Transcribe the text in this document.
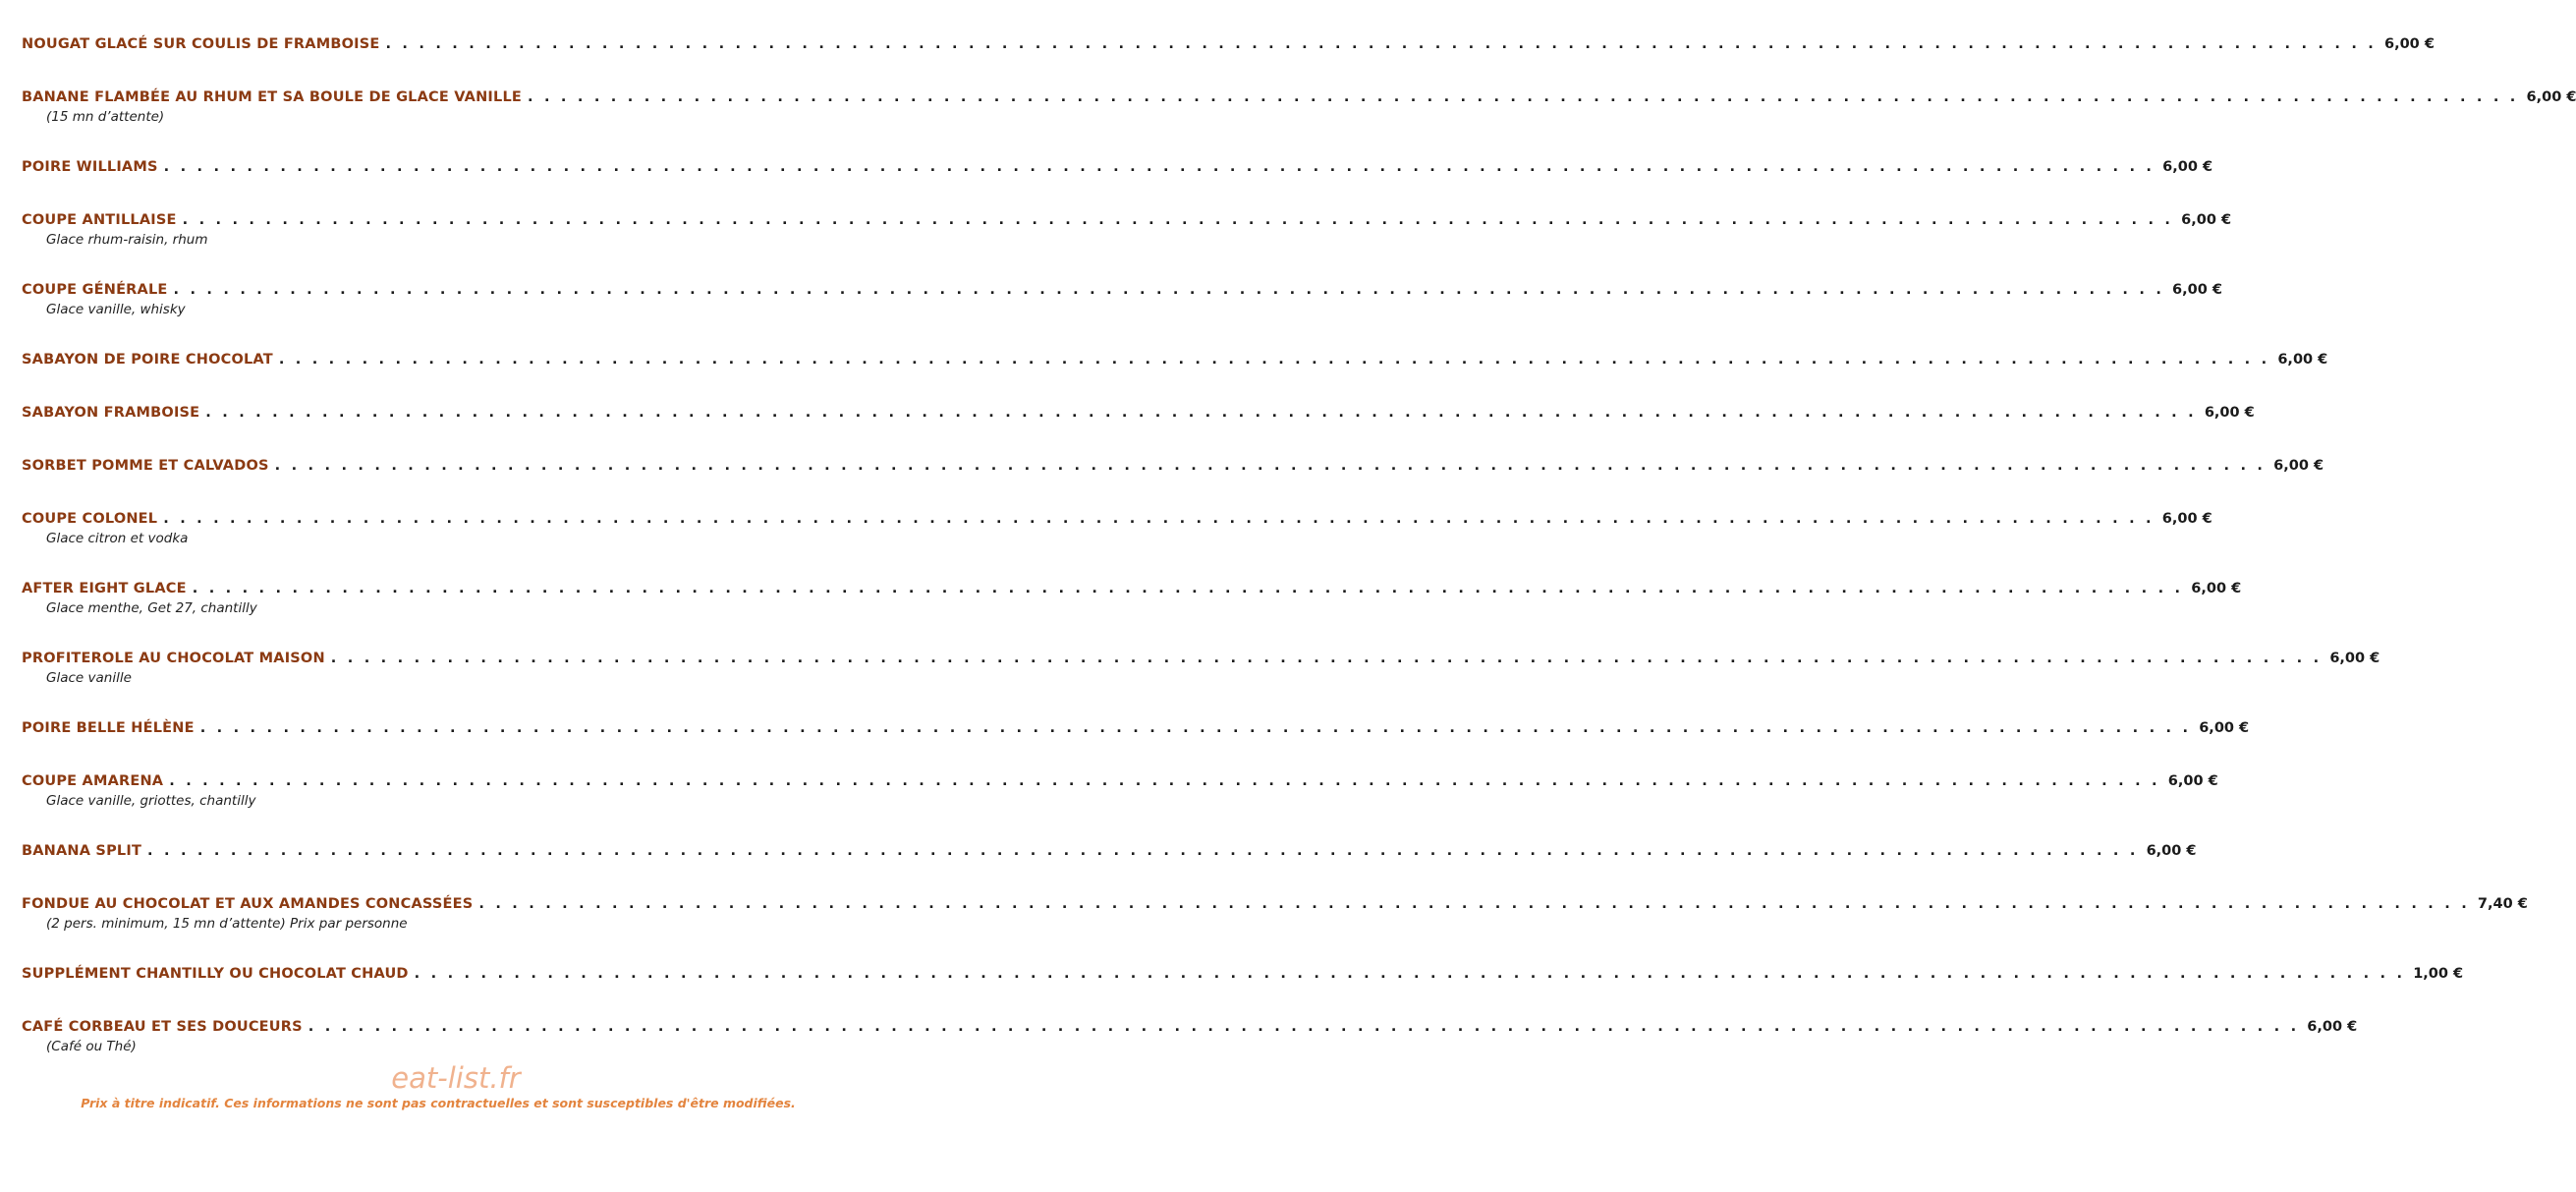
NOUGAT GLACÉ SUR COULIS DE FRAMBOISE . . . . . . . . . . . . . . . . . . . . . . . . . . . . . . . . . . . . . . . . . . . . . . . . . . . . . . . . . . . . . . . . . . . . . . . . . . . . . . . . . . . . . . . . . . . . . . . . . . . . . . . . . . . . . . . . . . . . . . . . 6,00 €
BANANE FLAMBÉE AU RHUM ET SA BOULE DE GLACE VANILLE . . . . . . . . . . . . . . . . . . . . . . . . . . . . . . . . . . . . . . . . . . . . . . . . . . . . . . . . . . . . . . . . . . . . . . . . . . . . . . . . . . . . . . . . . . . . . . . . . . . . . . . . . . . . . . . . . . . . . . . . 6,00 €
(15 mn d’attente)
POIRE WILLIAMS . . . . . . . . . . . . . . . . . . . . . . . . . . . . . . . . . . . . . . . . . . . . . . . . . . . . . . . . . . . . . . . . . . . . . . . . . . . . . . . . . . . . . . . . . . . . . . . . . . . . . . . . . . . . . . . . . . . . . . . . 6,00 €
COUPE ANTILLAISE . . . . . . . . . . . . . . . . . . . . . . . . . . . . . . . . . . . . . . . . . . . . . . . . . . . . . . . . . . . . . . . . . . . . . . . . . . . . . . . . . . . . . . . . . . . . . . . . . . . . . . . . . . . . . . . . . . . . . . . . 6,00 €
Glace rhum-raisin, rhum
COUPE GÉNÉRALE . . . . . . . . . . . . . . . . . . . . . . . . . . . . . . . . . . . . . . . . . . . . . . . . . . . . . . . . . . . . . . . . . . . . . . . . . . . . . . . . . . . . . . . . . . . . . . . . . . . . . . . . . . . . . . . . . . . . . . . . 6,00 €
Glace vanille, whisky
SABAYON DE POIRE CHOCOLAT . . . . . . . . . . . . . . . . . . . . . . . . . . . . . . . . . . . . . . . . . . . . . . . . . . . . . . . . . . . . . . . . . . . . . . . . . . . . . . . . . . . . . . . . . . . . . . . . . . . . . . . . . . . . . . . . . . . . . . . . 6,00 €
SABAYON FRAMBOISE . . . . . . . . . . . . . . . . . . . . . . . . . . . . . . . . . . . . . . . . . . . . . . . . . . . . . . . . . . . . . . . . . . . . . . . . . . . . . . . . . . . . . . . . . . . . . . . . . . . . . . . . . . . . . . . . . . . . . . . . 6,00 €
SORBET POMME ET CALVADOS . . . . . . . . . . . . . . . . . . . . . . . . . . . . . . . . . . . . . . . . . . . . . . . . . . . . . . . . . . . . . . . . . . . . . . . . . . . . . . . . . . . . . . . . . . . . . . . . . . . . . . . . . . . . . . . . . . . . . . . . 6,00 €
COUPE COLONEL . . . . . . . . . . . . . . . . . . . . . . . . . . . . . . . . . . . . . . . . . . . . . . . . . . . . . . . . . . . . . . . . . . . . . . . . . . . . . . . . . . . . . . . . . . . . . . . . . . . . . . . . . . . . . . . . . . . . . . . . 6,00 €
Glace citron et vodka
AFTER EIGHT GLACE . . . . . . . . . . . . . . . . . . . . . . . . . . . . . . . . . . . . . . . . . . . . . . . . . . . . . . . . . . . . . . . . . . . . . . . . . . . . . . . . . . . . . . . . . . . . . . . . . . . . . . . . . . . . . . . . . . . . . . . . 6,00 €
Glace menthe, Get 27, chantilly
PROFITEROLE AU CHOCOLAT MAISON . . . . . . . . . . . . . . . . . . . . . . . . . . . . . . . . . . . . . . . . . . . . . . . . . . . . . . . . . . . . . . . . . . . . . . . . . . . . . . . . . . . . . . . . . . . . . . . . . . . . . . . . . . . . . . . . . . . . . . . . 6,00 €
Glace vanille
POIRE BELLE HÉLÈNE . . . . . . . . . . . . . . . . . . . . . . . . . . . . . . . . . . . . . . . . . . . . . . . . . . . . . . . . . . . . . . . . . . . . . . . . . . . . . . . . . . . . . . . . . . . . . . . . . . . . . . . . . . . . . . . . . . . . . . . . 6,00 €
COUPE AMARENA . . . . . . . . . . . . . . . . . . . . . . . . . . . . . . . . . . . . . . . . . . . . . . . . . . . . . . . . . . . . . . . . . . . . . . . . . . . . . . . . . . . . . . . . . . . . . . . . . . . . . . . . . . . . . . . . . . . . . . . . 6,00 €
Glace vanille, griottes, chantilly
BANANA SPLIT . . . . . . . . . . . . . . . . . . . . . . . . . . . . . . . . . . . . . . . . . . . . . . . . . . . . . . . . . . . . . . . . . . . . . . . . . . . . . . . . . . . . . . . . . . . . . . . . . . . . . . . . . . . . . . . . . . . . . . . . 6,00 €
FONDUE AU CHOCOLAT ET AUX AMANDES CONCASSÉES . . . . . . . . . . . . . . . . . . . . . . . . . . . . . . . . . . . . . . . . . . . . . . . . . . . . . . . . . . . . . . . . . . . . . . . . . . . . . . . . . . . . . . . . . . . . . . . . . . . . . . . . . . . . . . . . . . . . . . . . 7,40 €
(2 pers. minimum, 15 mn d’attente) Prix par personne
SUPPLÉMENT CHANTILLY OU CHOCOLAT CHAUD . . . . . . . . . . . . . . . . . . . . . . . . . . . . . . . . . . . . . . . . . . . . . . . . . . . . . . . . . . . . . . . . . . . . . . . . . . . . . . . . . . . . . . . . . . . . . . . . . . . . . . . . . . . . . . . . . . . . . . . . 1,00 €
CAFÉ CORBEAU ET SES DOUCEURS . . . . . . . . . . . . . . . . . . . . . . . . . . . . . . . . . . . . . . . . . . . . . . . . . . . . . . . . . . . . . . . . . . . . . . . . . . . . . . . . . . . . . . . . . . . . . . . . . . . . . . . . . . . . . . . . . . . . . . . . 6,00 €
(Café ou Thé)
eat-list.fr
Prix à titre indicatif. Ces informations ne sont pas contractuelles et sont susceptibles d'être modifiées.
